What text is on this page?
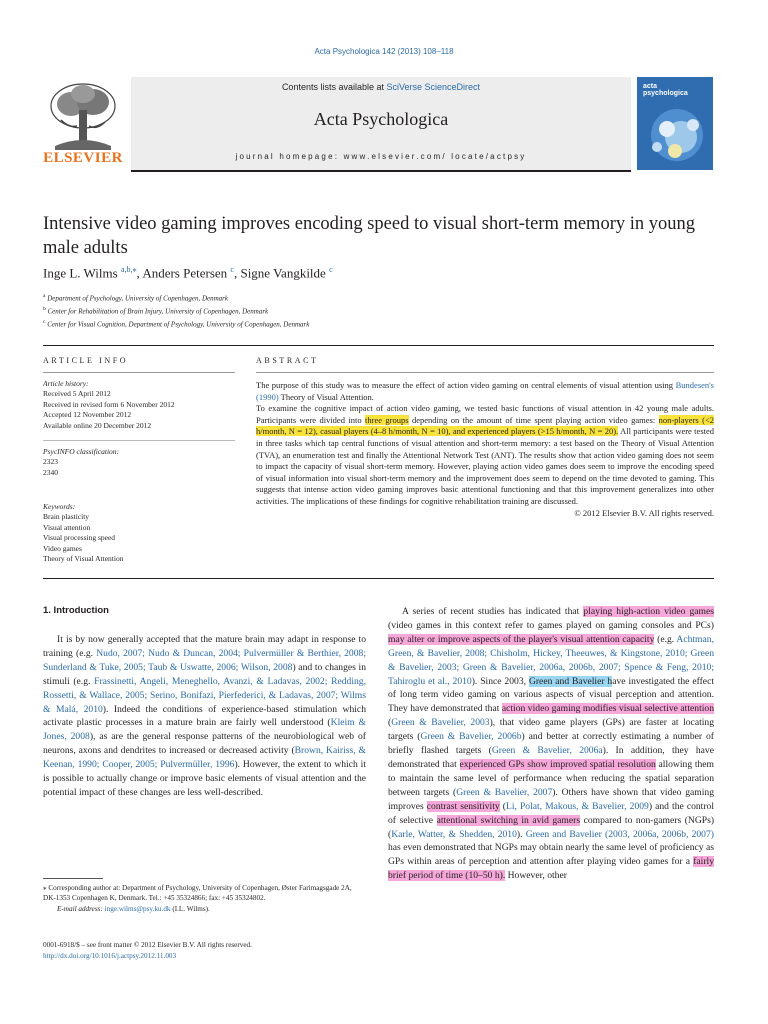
Acta Psychologica 142 (2013) 108–118
ELSEVIER
Contents lists available at SciVerse ScienceDirect
Acta Psychologica
journal homepage: www.elsevier.com/ locate/actpsy
acta
psychologica
Intensive video gaming improves encoding speed to visual short-term memory in young male adults
Inge L. Wilms $^{a,b,⁎}$, Anders Petersen $^c$, Signe Vangkilde $^c$
$^a$ Department of Psychology, University of Copenhagen, Denmark
$^b$ Center for Rehabilitation of Brain Injury, University of Copenhagen, Denmark
$^c$ Center for Visual Cognition, Department of Psychology, University of Copenhagen, Denmark
ARTICLE INFO	ABSTRACT
Article history:
Received 5 April 2012
Received in revised form 6 November 2012
Accepted 12 November 2012
Available online 20 December 2012
PsycINFO classification:
2323
2340
Keywords:
Brain plasticity
Visual attention
Visual processing speed
Video games
Theory of Visual Attention

The purpose of this study was to measure the effect of action video gaming on central elements of visual attention using Bundesen's (1990) Theory of Visual Attention.

To examine the cognitive impact of action video gaming, we tested basic functions of visual attention in 42 young male adults. Participants were divided into three groups depending on the amount of time spent playing action video games: non-players (<2 h/month, N = 12), casual players (4–8 h/month, N = 10), and experienced players (>15 h/month, N = 20). All participants were tested in three tasks which tap central functions of visual attention and short-term memory: a test based on the Theory of Visual Attention (TVA), an enumeration test and finally the Attentional Network Test (ANT). The results show that action video gaming does not seem to impact the capacity of visual short-term memory. However, playing action video games does seem to improve the encoding speed of visual information into visual short-term memory and the improvement does seem to depend on the time devoted to gaming. This suggests that intense action video gaming improves basic attentional functioning and that this improvement generalizes into other activities. The implications of these findings for cognitive rehabilitation training are discussed.

© 2012 Elsevier B.V. All rights reserved.

1. Introduction
It is by now generally accepted that the mature brain may adapt in response to training (e.g. Nudo, 2007; Nudo & Duncan, 2004; Pulvermüller & Berthier, 2008; Sunderland & Tuke, 2005; Taub & Uswatte, 2006; Wilson, 2008) and to changes in stimuli (e.g. Frassinetti, Angeli, Meneghello, Avanzi, & Ladavas, 2002; Redding, Rossetti, & Wallace, 2005; Serino, Bonifazi, Pierfederici, & Ladavas, 2007; Wilms & Malá, 2010). Indeed the conditions of experience-based stimulation which activate plastic processes in a mature brain are fairly well understood (Kleim & Jones, 2008), as are the general response patterns of the neurobiological web of neurons, axons and dendrites to increased or decreased activity (Brown, Kairiss, & Keenan, 1990; Cooper, 2005; Pulvermüller, 1996). However, the extent to which it is possible to actually change or improve basic elements of visual attention and the potential impact of these changes are less well-described.
A series of recent studies has indicated that playing high-action video games (video games in this context refer to games played on gaming consoles and PCs) may alter or improve aspects of the player's visual attention capacity (e.g. Achtman, Green, & Bavelier, 2008; Chisholm, Hickey, Theeuwes, & Kingstone, 2010; Green & Bavelier, 2003; Green & Bavelier, 2006a, 2006b, 2007; Spence & Feng, 2010; Tahiroglu et al., 2010). Since 2003, Green and Bavelier have investigated the effect of long term video gaming on various aspects of visual perception and attention. They have demonstrated that action video gaming modifies visual selective attention (Green & Bavelier, 2003), that video game players (GPs) are faster at locating targets (Green & Bavelier, 2006b) and better at correctly estimating a number of briefly flashed targets (Green & Bavelier, 2006a). In addition, they have demonstrated that experienced GPs show improved spatial resolution allowing them to maintain the same level of performance when reducing the spatial separation between targets (Green & Bavelier, 2007). Others have shown that video gaming improves contrast sensitivity (Li, Polat, Makous, & Bavelier, 2009) and the control of selective attentional switching in avid gamers compared to non-gamers (NGPs) (Karle, Watter, & Shedden, 2010). Green and Bavelier (2003, 2006a, 2006b, 2007) has even demonstrated that NGPs may obtain nearly the same level of proficiency as GPs within areas of perception and attention after playing video games for a fairly brief period of time (10–50 h). However, other
⁎ Corresponding author at: Department of Psychology, University of Copenhagen, Øster Farimagsgade 2A, DK-1353 Copenhagen K, Denmark. Tel.: +45 35324866; fax: +45 35324802.
E-mail address: inge.wilms@psy.ku.dk (I.L. Wilms).
0001-6918/$ – see front matter © 2012 Elsevier B.V. All rights reserved.
http://dx.doi.org/10.1016/j.actpsy.2012.11.003
